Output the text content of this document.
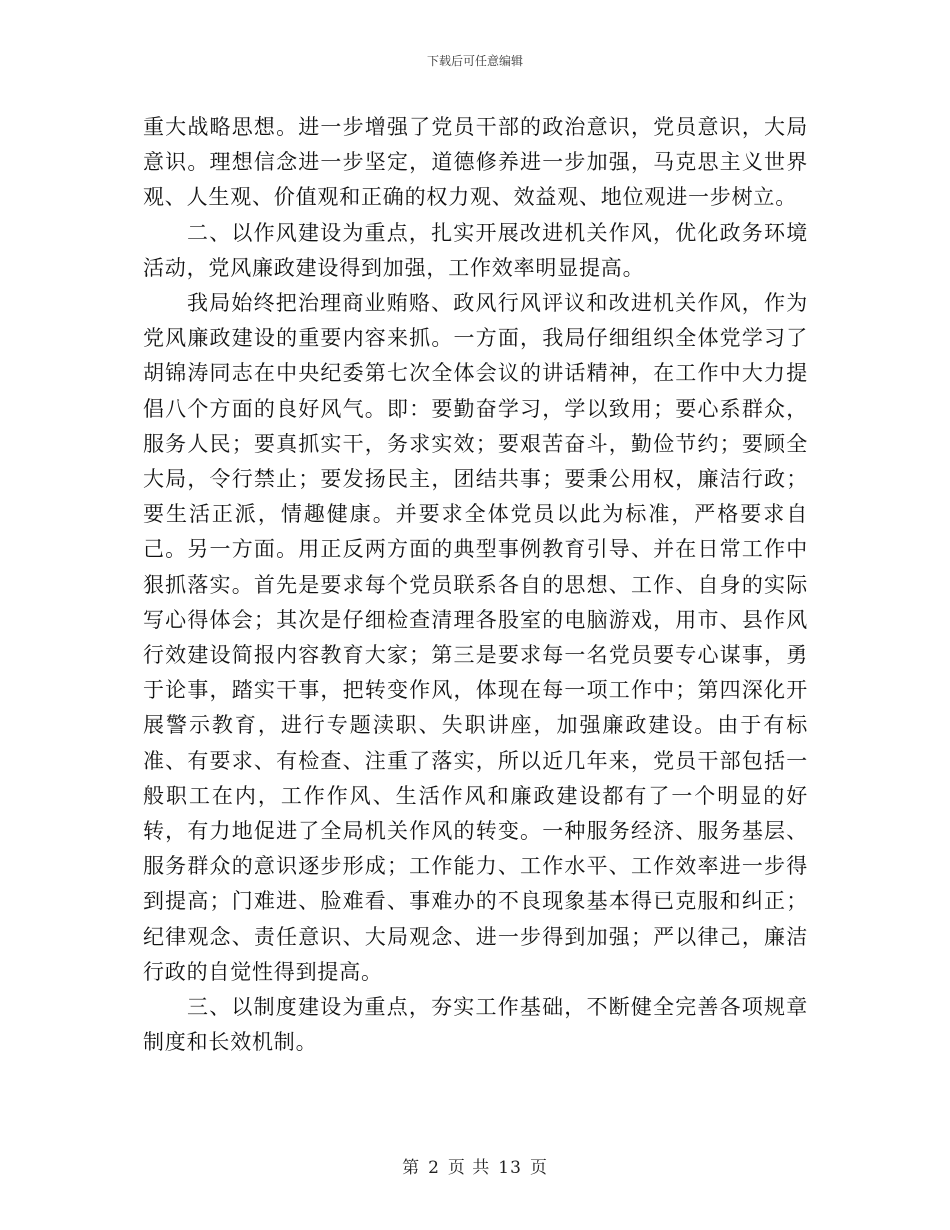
下载后可任意编辑

重大战略思想。进一步增强了党员干部的政治意识，党员意识，大局意识。理想信念进一步坚定，道德修养进一步加强，马克思主义世界观、人生观、价值观和正确的权力观、效益观、地位观进一步树立。

二、以作风建设为重点，扎实开展改进机关作风，优化政务环境活动，党风廉政建设得到加强，工作效率明显提高。

我局始终把治理商业贿赂、政风行风评议和改进机关作风，作为党风廉政建设的重要内容来抓。一方面，我局仔细组织全体党学习了胡锦涛同志在中央纪委第七次全体会议的讲话精神，在工作中大力提倡八个方面的良好风气。即：要勤奋学习，学以致用；要心系群众，服务人民；要真抓实干，务求实效；要艰苦奋斗，勤俭节约；要顾全大局，令行禁止；要发扬民主，团结共事；要秉公用权，廉洁行政；要生活正派，情趣健康。并要求全体党员以此为标准，严格要求自己。另一方面。用正反两方面的典型事例教育引导、并在日常工作中狠抓落实。首先是要求每个党员联系各自的思想、工作、自身的实际写心得体会；其次是仔细检查清理各股室的电脑游戏，用市、县作风行效建设简报内容教育大家；第三是要求每一名党员要专心谋事，勇于论事，踏实干事，把转变作风，体现在每一项工作中；第四深化开展警示教育，进行专题渎职、失职讲座，加强廉政建设。由于有标准、有要求、有检查、注重了落实，所以近几年来，党员干部包括一般职工在内，工作作风、生活作风和廉政建设都有了一个明显的好转，有力地促进了全局机关作风的转变。一种服务经济、服务基层、服务群众的意识逐步形成；工作能力、工作水平、工作效率进一步得到提高；门难进、脸难看、事难办的不良现象基本得已克服和纠正；纪律观念、责任意识、大局观念、进一步得到加强；严以律己，廉洁行政的自觉性得到提高。

三、以制度建设为重点，夯实工作基础，不断健全完善各项规章制度和长效机制。

第 2 页 共 13 页
